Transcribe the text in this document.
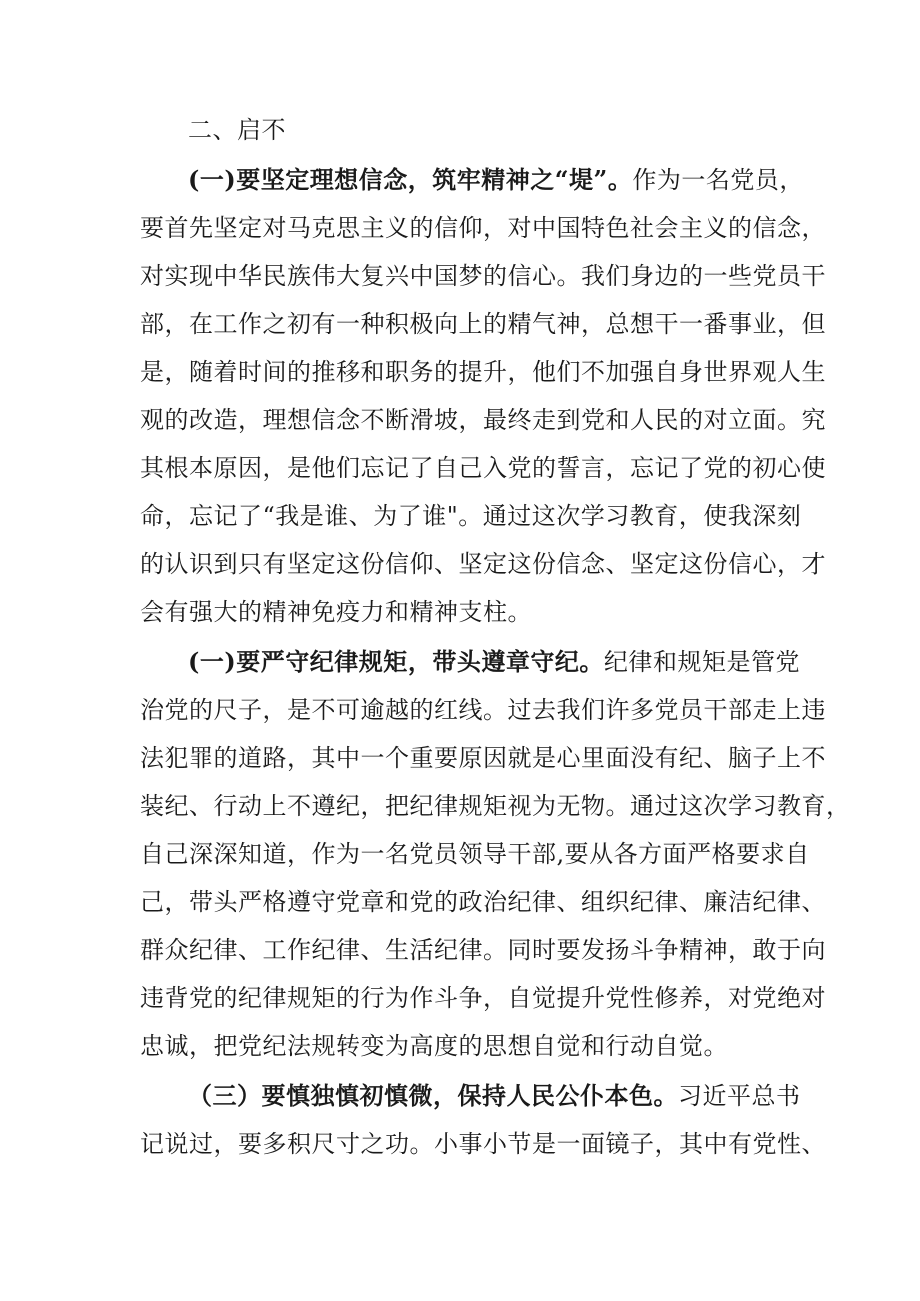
二、启不
(一)要坚定理想信念，筑牢精神之“堤”。作为一名党员，
要首先坚定对马克思主义的信仰，对中国特色社会主义的信念，
对实现中华民族伟大复兴中国梦的信心。我们身边的一些党员干
部，在工作之初有一种积极向上的精气神，总想干一番事业，但
是，随着时间的推移和职务的提升，他们不加强自身世界观人生
观的改造，理想信念不断滑坡，最终走到党和人民的对立面。究
其根本原因，是他们忘记了自己入党的誓言，忘记了党的初心使
命，忘记了“我是谁、为了谁"。通过这次学习教育，使我深刻
的认识到只有坚定这份信仰、坚定这份信念、坚定这份信心，才
会有强大的精神免疫力和精神支柱。
(一)要严守纪律规矩，带头遵章守纪。纪律和规矩是管党
治党的尺子，是不可逾越的红线。过去我们许多党员干部走上违
法犯罪的道路，其中一个重要原因就是心里面没有纪、脑子上不
装纪、行动上不遵纪，把纪律规矩视为无物。通过这次学习教育，
自己深深知道，作为一名党员领导干部,要从各方面严格要求自
己，带头严格遵守党章和党的政治纪律、组织纪律、廉洁纪律、
群众纪律、工作纪律、生活纪律。同时要发扬斗争精神，敢于向
违背党的纪律规矩的行为作斗争，自觉提升党性修养，对党绝对
忠诚，把党纪法规转变为高度的思想自觉和行动自觉。
（三）要慎独慎初慎微，保持人民公仆本色。习近平总书
记说过，要多积尺寸之功。小事小节是一面镜子，其中有党性、
